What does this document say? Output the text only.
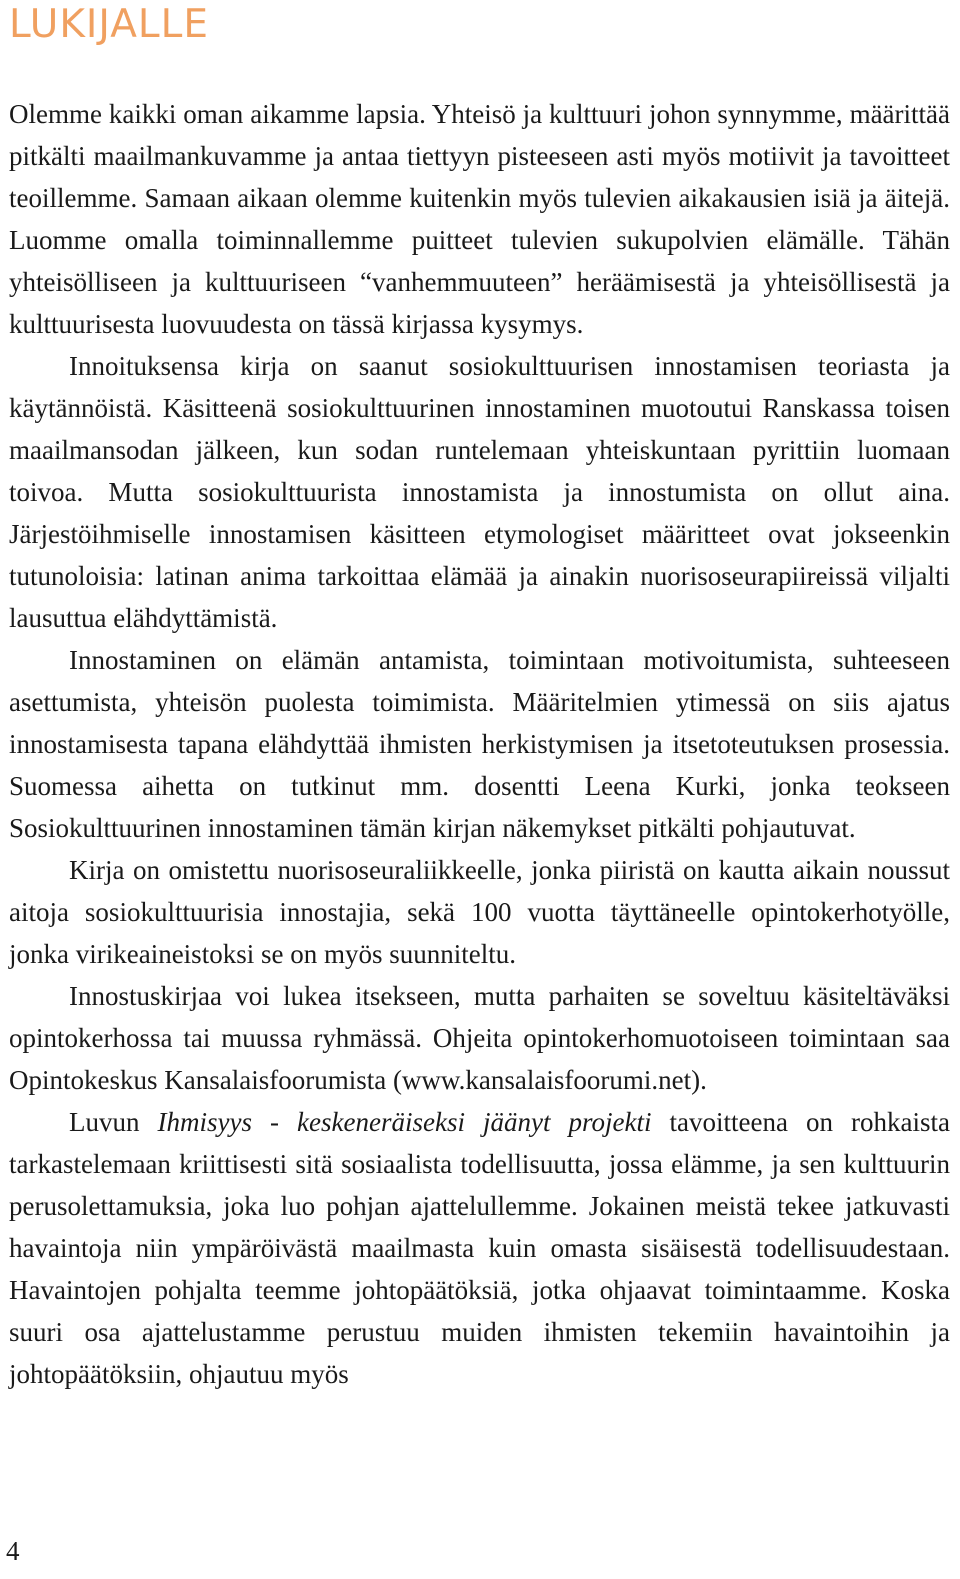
LUKIJALLE

Olemme kaikki oman aikamme lapsia. Yhteisö ja kulttuuri johon synnymme, määrittää pitkälti maailmankuvamme ja antaa tiettyyn pisteeseen asti myös motiivit ja tavoitteet teoillemme. Samaan aikaan olemme kuitenkin myös tulevien aikakausien isiä ja äitejä. Luomme omalla toiminnallemme puitteet tulevien sukupolvien elämälle. Tähän yhteisölliseen ja kulttuuriseen “vanhemmuuteen” heräämisestä ja yhteisöllisestä ja kulttuurisesta luovuudesta on tässä kirjassa kysymys.

Innoituksensa kirja on saanut sosiokulttuurisen innostamisen teoriasta ja käytännöistä. Käsitteenä sosiokulttuurinen innostaminen muotoutui Ranskassa toisen maailmansodan jälkeen, kun sodan runtelemaan yhteiskuntaan pyrittiin luomaan toivoa. Mutta sosiokulttuurista innostamista ja innostumista on ollut aina. Järjestöihmiselle innostamisen käsitteen etymologiset määritteet ovat jokseenkin tutunoloisia: latinan anima tarkoittaa elämää ja ainakin nuorisoseurapiireissä viljalti lausuttua elähdyttämistä.

Innostaminen on elämän antamista, toimintaan motivoitumista, suhteeseen asettumista, yhteisön puolesta toimimista. Määritelmien ytimessä on siis ajatus innostamisesta tapana elähdyttää ihmisten herkistymisen ja itsetoteutuksen prosessia. Suomessa aihetta on tutkinut mm. dosentti Leena Kurki, jonka teokseen Sosiokulttuurinen innostaminen tämän kirjan näkemykset pitkälti pohjautuvat.

Kirja on omistettu nuorisoseuraliikkeelle, jonka piiristä on kautta aikain noussut aitoja sosiokulttuurisia innostajia, sekä 100 vuotta täyttäneelle opintokerhotyölle, jonka virikeaineistoksi se on myös suunniteltu.

Innostuskirjaa voi lukea itsekseen, mutta parhaiten se soveltuu käsiteltäväksi opintokerhossa tai muussa ryhmässä. Ohjeita opintokerhomuotoiseen toimintaan saa Opintokeskus Kansalaisfoorumista (www.kansalaisfoorumi.net).

Luvun Ihmisyys - keskeneräiseksi jäänyt projekti tavoitteena on rohkaista tarkastelemaan kriittisesti sitä sosiaalista todellisuutta, jossa elämme, ja sen kulttuurin perusolettamuksia, joka luo pohjan ajattelullemme. Jokainen meistä tekee jatkuvasti havaintoja niin ympäröivästä maailmasta kuin omasta sisäisestä todellisuudestaan. Havaintojen pohjalta teemme johtopäätöksiä, jotka ohjaavat toimintaamme. Koska suuri osa ajattelustamme perustuu muiden ihmisten tekemiin havaintoihin ja johtopäätöksiin, ohjautuu myös

4
